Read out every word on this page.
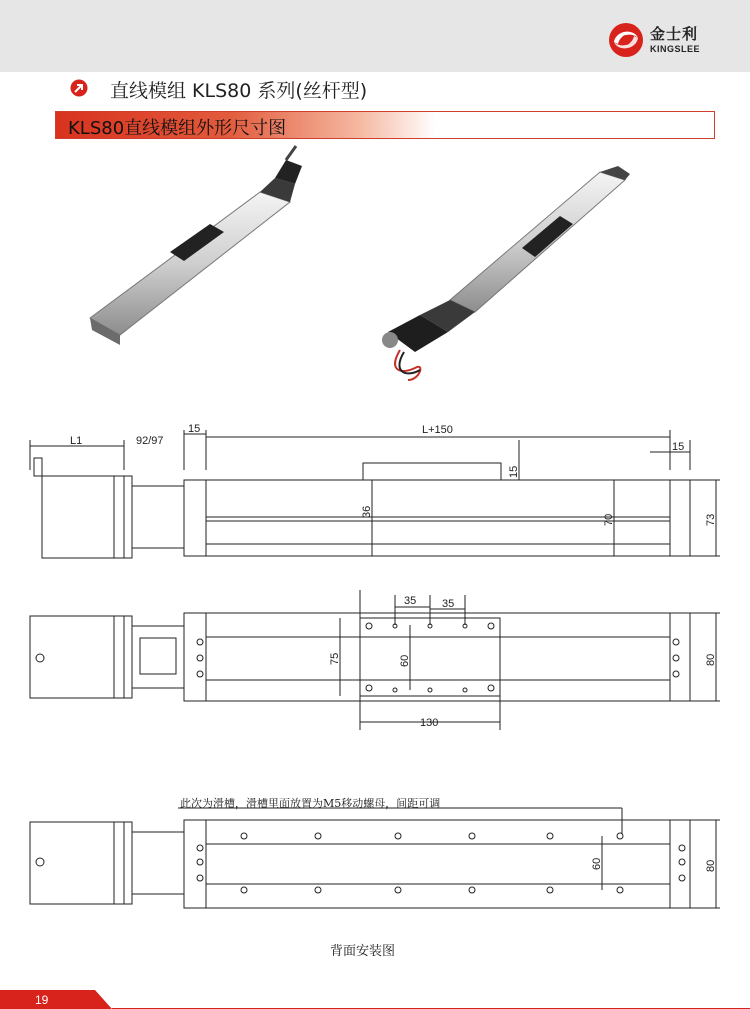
金士利
KINGSLEE
直线模组 KLS80 系列(丝杆型)
KLS80直线模组外形尺寸图
L1	92/97
15	L+150
15
15
36
70	73
35 35
75	60	80
130
60	80
此次为滑槽，滑槽里面放置为M5移动螺母，间距可调
背面安装图
19
